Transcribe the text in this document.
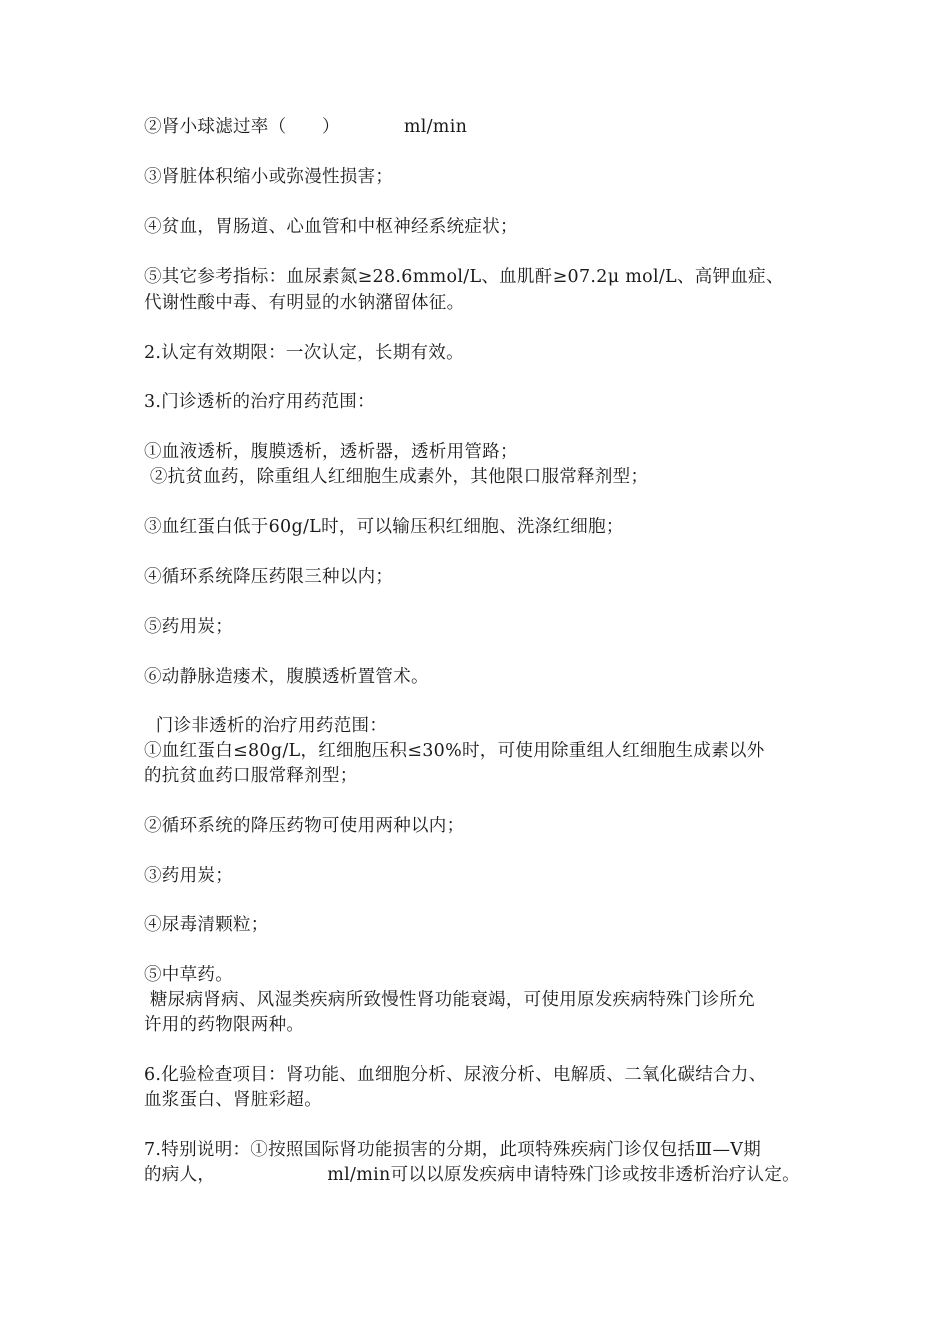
②肾小球滤过率（　　）	ml/min
③肾脏体积缩小或弥漫性损害；
④贫血，胃肠道、心血管和中枢神经系统症状；
⑤其它参考指标：血尿素氮≥28.6mmol/L、血肌酐≥07.2μ mol/L、高钾血症、
代谢性酸中毒、有明显的水钠潴留体征。
2.认定有效期限：一次认定，长期有效。
3.门诊透析的治疗用药范围：
①血液透析，腹膜透析，透析器，透析用管路；
②抗贫血药，除重组人红细胞生成素外，其他限口服常释剂型；
③血红蛋白低于60g/L时，可以输压积红细胞、洗涤红细胞；
④循环系统降压药限三种以内；
⑤药用炭；
⑥动静脉造瘘术，腹膜透析置管术。
门诊非透析的治疗用药范围：
①血红蛋白≤80g/L，红细胞压积≤30%时，可使用除重组人红细胞生成素以外
的抗贫血药口服常释剂型；
②循环系统的降压药物可使用两种以内；
③药用炭；
④尿毒清颗粒；
⑤中草药。
糖尿病肾病、风湿类疾病所致慢性肾功能衰竭，可使用原发疾病特殊门诊所允
许用的药物限两种。
6.化验检查项目：肾功能、血细胞分析、尿液分析、电解质、二氧化碳结合力、
血浆蛋白、肾脏彩超。
7.特别说明：①按照国际肾功能损害的分期，此项特殊疾病门诊仅包括Ⅲ—Ⅴ期
的病人，	ml/min可以以原发疾病申请特殊门诊或按非透析治疗认定。
